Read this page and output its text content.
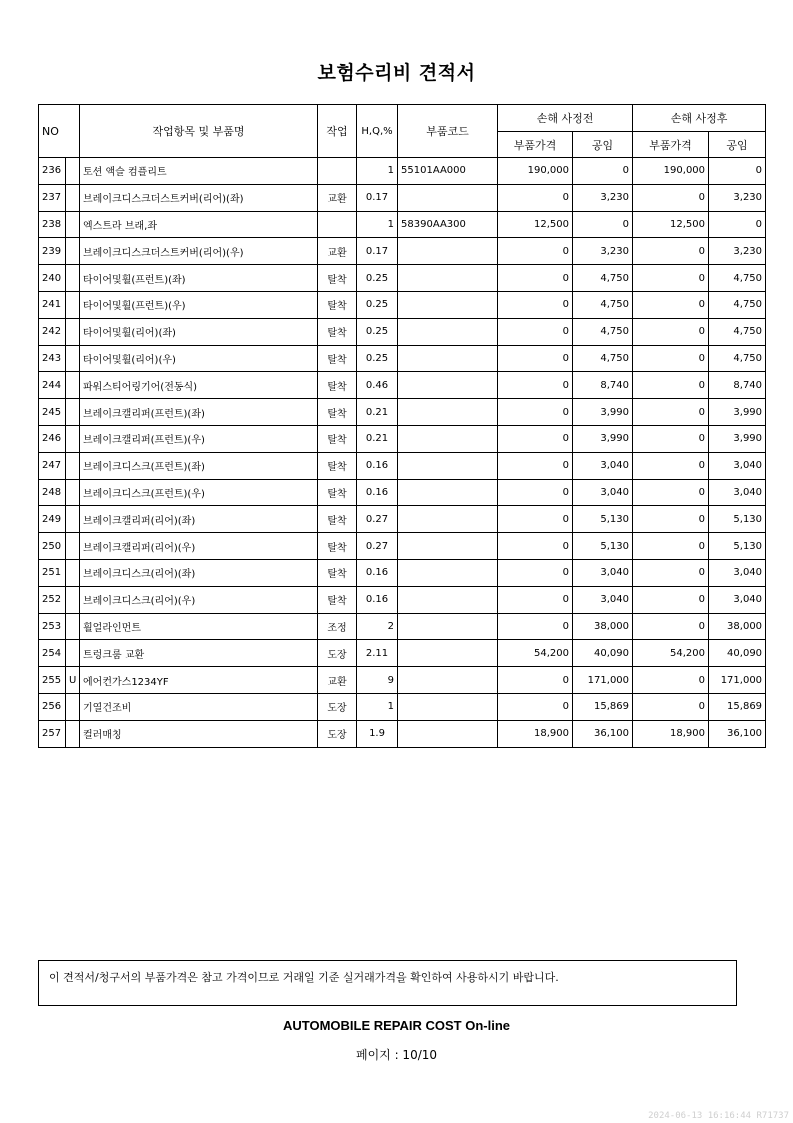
보험수리비 견적서
NO		작업항목 및 부품명	작업	H,Q,%	부품코드	손해 사정전		손해 사정후	
						부품가격	공임	부품가격	공임
236		토션 액슬 컴플리트		1	55101AA000	190,000	0	190,000	0
237		브레이크디스크더스트커버(리어)(좌)	교환	0.17		0	3,230	0	3,230
238		엑스트라 브래,좌		1	58390AA300	12,500	0	12,500	0
239		브레이크디스크더스트커버(리어)(우)	교환	0.17		0	3,230	0	3,230
240		타이어및휠(프런트)(좌)	탈착	0.25		0	4,750	0	4,750
241		타이어및휠(프런트)(우)	탈착	0.25		0	4,750	0	4,750
242		타이어및휠(리어)(좌)	탈착	0.25		0	4,750	0	4,750
243		타이어및휠(리어)(우)	탈착	0.25		0	4,750	0	4,750
244		파워스티어링기어(전동식)	탈착	0.46		0	8,740	0	8,740
245		브레이크캘리퍼(프런트)(좌)	탈착	0.21		0	3,990	0	3,990
246		브레이크캘리퍼(프런트)(우)	탈착	0.21		0	3,990	0	3,990
247		브레이크디스크(프런트)(좌)	탈착	0.16		0	3,040	0	3,040
248		브레이크디스크(프런트)(우)	탈착	0.16		0	3,040	0	3,040
249		브레이크캘리퍼(리어)(좌)	탈착	0.27		0	5,130	0	5,130
250		브레이크캘리퍼(리어)(우)	탈착	0.27		0	5,130	0	5,130
251		브레이크디스크(리어)(좌)	탈착	0.16		0	3,040	0	3,040
252		브레이크디스크(리어)(우)	탈착	0.16		0	3,040	0	3,040
253		휠얼라인먼트	조정	2		0	38,000	0	38,000
254		트렁크룸 교환	도장	2.11		54,200	40,090	54,200	40,090
255	U	에어컨가스1234YF	교환	9		0	171,000	0	171,000
256		기열건조비	도장	1		0	15,869	0	15,869
257		컬러매칭	도장	1.9		18,900	36,100	18,900	36,100
이 견적서/청구서의 부품가격은 참고 가격이므로 거래일 기준 실거래가격을 확인하여 사용하시기 바랍니다.
AUTOMOBILE REPAIR COST On-line
페이지 : 10/10
2024-06-13 16:16:44 R71737
